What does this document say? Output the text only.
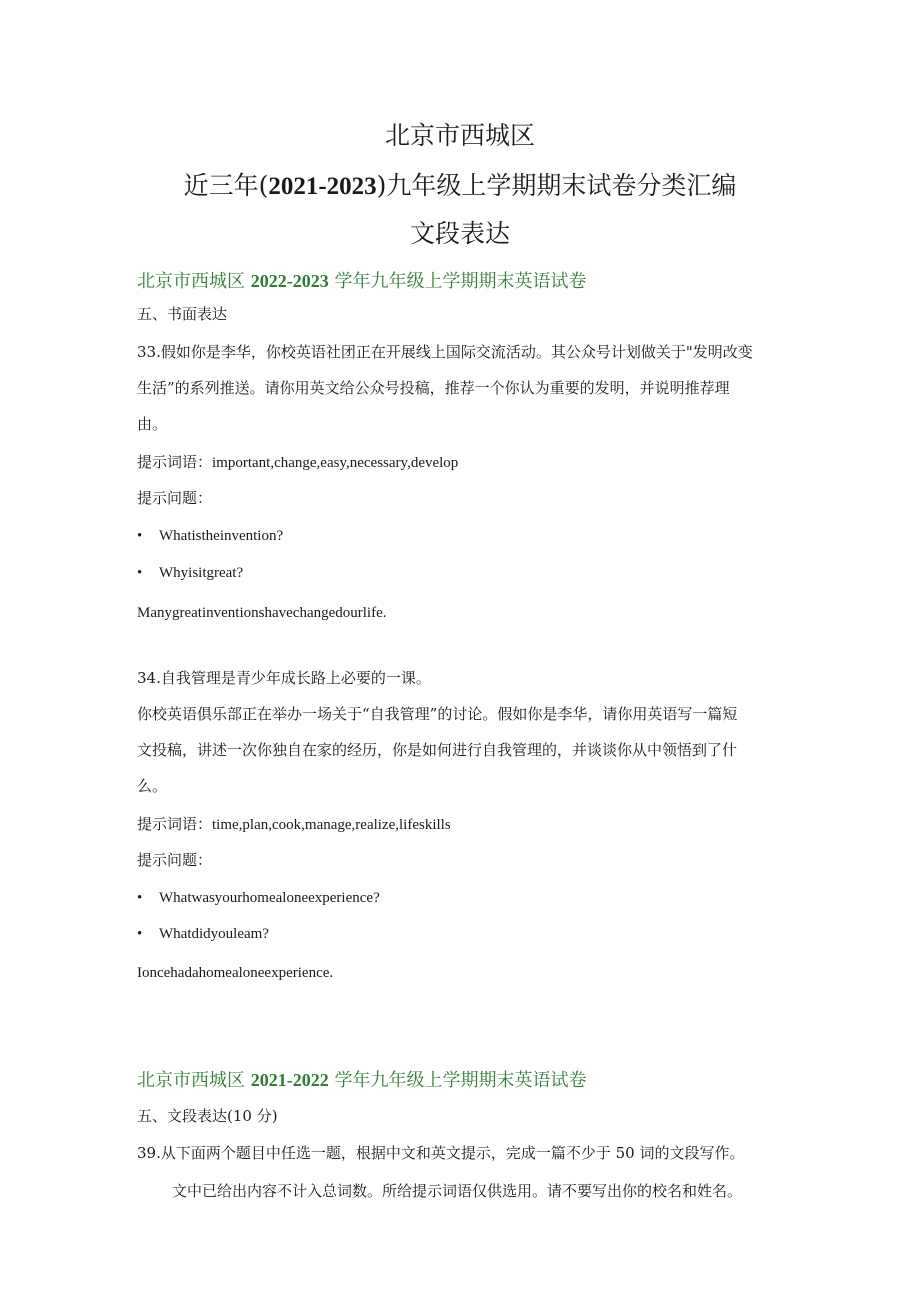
北京市西城区
近三年(2021-2023)九年级上学期期末试卷分类汇编
文段表达
北京市西城区 2022-2023 学年九年级上学期期末英语试卷
五、书面表达
33.假如你是李华，你校英语社团正在开展线上国际交流活动。其公众号计划做关于"发明改变
生活”的系列推送。请你用英文给公众号投稿，推荐一个你认为重要的发明，并说明推荐理
由。
提示词语：important,change,easy,necessary,develop
提示问题：
• Whatistheinvention?
• Whyisitgreat?
Manygreatinventionshavechangedourlife.
34.自我管理是青少年成长路上必要的一课。
你校英语俱乐部正在举办一场关于“自我管理”的讨论。假如你是李华，请你用英语写一篇短
文投稿，讲述一次你独自在家的经历，你是如何进行自我管理的，并谈谈你从中领悟到了什
么。
提示词语：time,plan,cook,manage,realize,lifeskills
提示问题：
• Whatwasyourhomealoneexperience?
• Whatdidyouleam?
Ioncehadahomealoneexperience.
北京市西城区 2021-2022 学年九年级上学期期末英语试卷
五、文段表达(10 分)
39.从下面两个题目中任选一题，根据中文和英文提示，完成一篇不少于 50 词的文段写作。
文中已给出内容不计入总词数。所给提示词语仅供选用。请不要写出你的校名和姓名。
